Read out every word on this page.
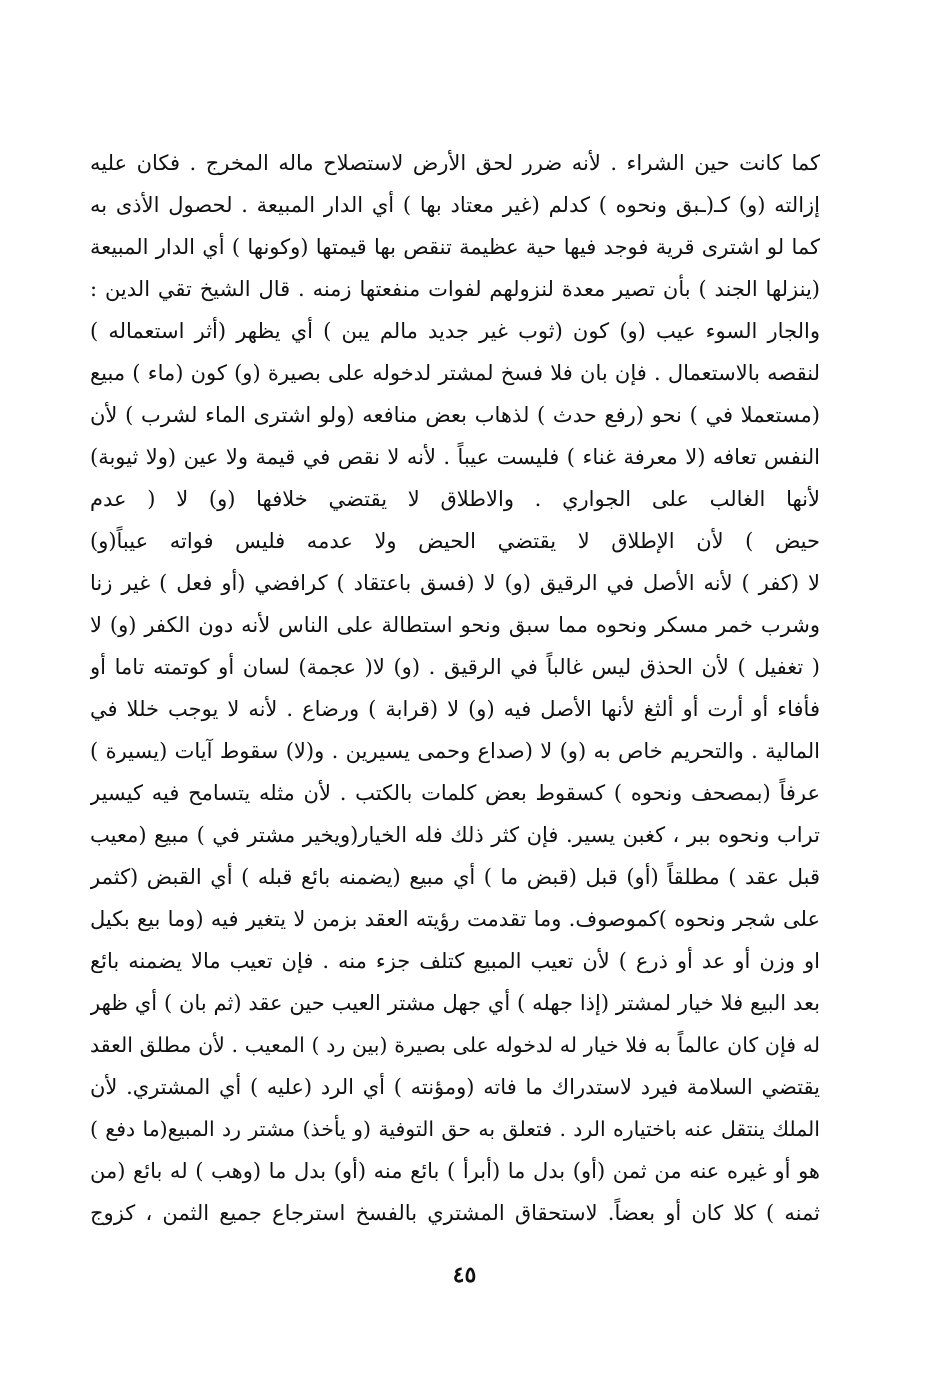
كما كانت حين الشراء . لأنه ضرر لحق الأرض لاستصلاح ماله المخرج . فكان عليه
إزالته (و) كـ(ـبق ونحوه ) كدلم (غير معتاد بها ) أي الدار المبيعة . لحصول الأذى به
كما لو اشترى قرية فوجد فيها حية عظيمة تنقص بها قيمتها (وكونها ) أي الدار المبيعة
(ينزلها الجند ) بأن تصير معدة لنزولهم لفوات منفعتها زمنه . قال الشيخ تقي الدين :
والجار السوء عيب (و) كون (ثوب غير جديد مالم يبن ) أي يظهر (أثر استعماله )
لنقصه بالاستعمال . فإن بان فلا فسخ لمشتر لدخوله على بصيرة (و) كون (ماء ) مبيع
(مستعملا في ) نحو (رفع حدث ) لذهاب بعض منافعه (ولو اشترى الماء لشرب ) لأن
النفس تعافه (لا معرفة غناء ) فليست عيباً . لأنه لا نقص في قيمة ولا عين (ولا ثيوبة)
لأنها الغالب على الجواري . والاطلاق لا يقتضي خلافها (و) لا ( عدم
حيض ) لأن الإطلاق لا يقتضي الحيض ولا عدمه فليس فواته عيباً(و)
لا (كفر ) لأنه الأصل في الرقيق (و) لا (فسق باعتقاد ) كرافضي (أو فعل ) غير زنا
وشرب خمر مسكر ونحوه مما سبق ونحو استطالة على الناس لأنه دون الكفر (و) لا
( تغفيل ) لأن الحذق ليس غالباً في الرقيق . (و) لا( عجمة) لسان أو كوتمته تاما أو
فأفاء أو أرت أو ألثغ لأنها الأصل فيه (و) لا (قرابة ) ورضاع . لأنه لا يوجب خللا في
المالية . والتحريم خاص به (و) لا (صداع وحمى يسيرين . و(لا) سقوط آيات (يسيرة )
عرفاً (بمصحف ونحوه ) كسقوط بعض كلمات بالكتب . لأن مثله يتسامح فيه كيسير
تراب ونحوه ببر ، كغبن يسير. فإن كثر ذلك فله الخيار(ويخير مشتر في ) مبيع (معيب
قبل عقد ) مطلقاً (أو) قبل (قبض ما ) أي مبيع (يضمنه بائع قبله ) أي القبض (كثمر
على شجر ونحوه )كموصوف. وما تقدمت رؤيته العقد بزمن لا يتغير فيه (وما بيع بكيل
او وزن أو عد أو ذرع ) لأن تعيب المبيع كتلف جزء منه . فإن تعيب مالا يضمنه بائع
بعد البيع فلا خيار لمشتر (إذا جهله ) أي جهل مشتر العيب حين عقد (ثم بان ) أي ظهر
له فإن كان عالماً به فلا خيار له لدخوله على بصيرة (بين رد ) المعيب . لأن مطلق العقد
يقتضي السلامة فيرد لاستدراك ما فاته (ومؤنته ) أي الرد (عليه ) أي المشتري. لأن
الملك ينتقل عنه باختياره الرد . فتعلق به حق التوفية (و يأخذ) مشتر رد المبيع(ما دفع )
هو أو غيره عنه من ثمن (أو) بدل ما (أبرأ ) بائع منه (أو) بدل ما (وهب ) له بائع (من
ثمنه ) كلا كان أو بعضاً. لاستحقاق المشتري بالفسخ استرجاع جميع الثمن ، كزوج
٤٥
